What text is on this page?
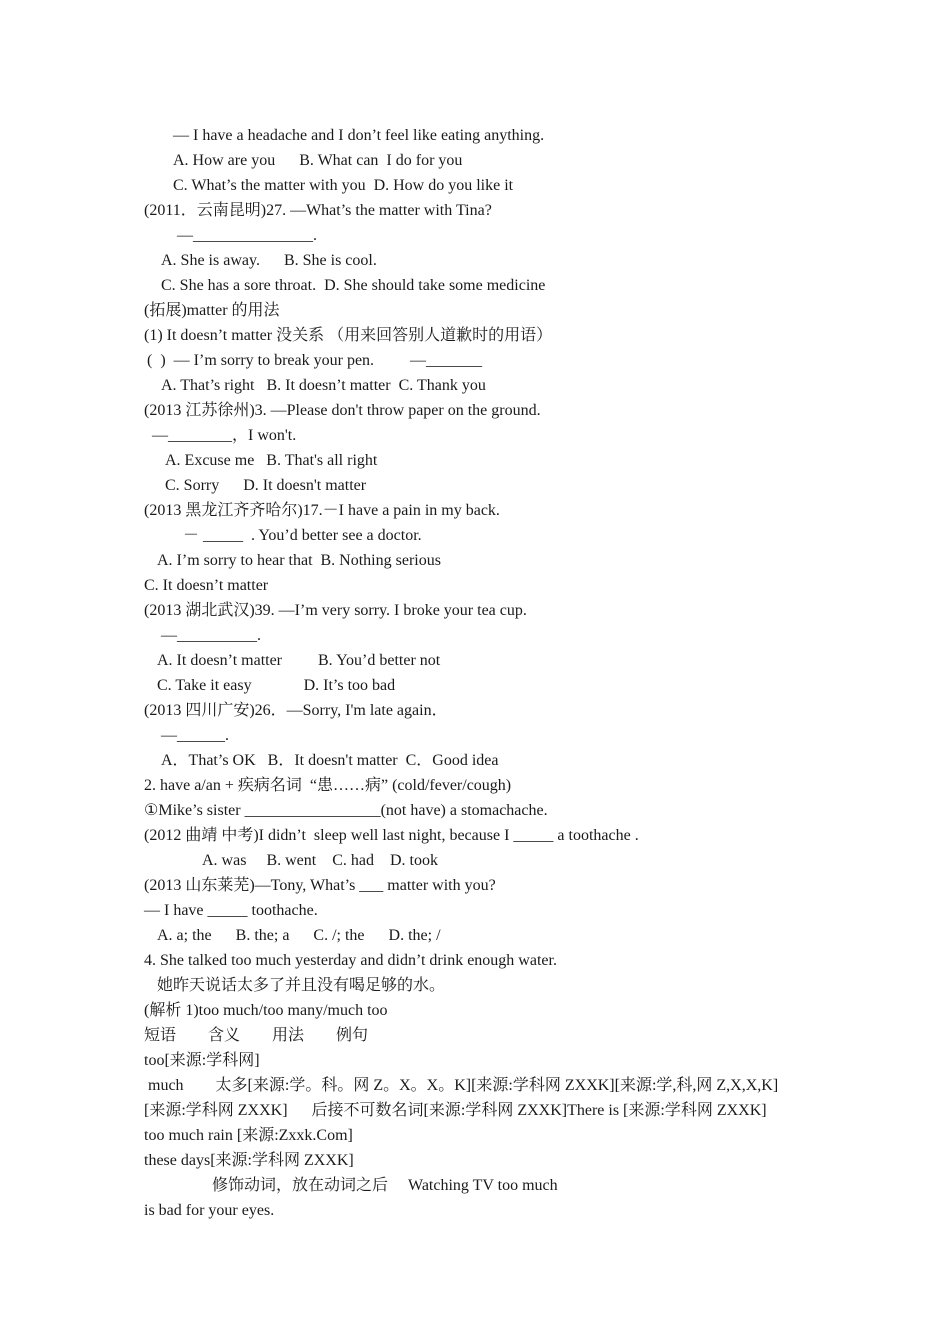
— I have a headache and I don’t feel like eating anything.
A. How are you      B. What can  I do for you
C. What’s the matter with you  D. How do you like it
(2011．云南昆明)27. —What’s the matter with Tina?
—_______________.
A. She is away.      B. She is cool.
C. She has a sore throat.  D. She should take some medicine
(拓展)matter 的用法
(1) It doesn’t matter 没关系 （用来回答别人道歉时的用语）
(  )  — I’m sorry to break your pen.         —_______
A. That’s right   B. It doesn’t matter  C. Thank you
(2013 江苏徐州)3. —Please don't throw paper on the ground.
—________，I won't.
A. Excuse me   B. That's all right
C. Sorry      D. It doesn't matter
(2013 黑龙江齐齐哈尔)17.－I have a pain in my back.
－ _____  . You’d better see a doctor.
A. I’m sorry to hear that  B. Nothing serious
C. It doesn’t matter
(2013 湖北武汉)39. —I’m very sorry. I broke your tea cup.
—__________.
A. It doesn’t matter         B. You’d better not
C. Take it easy             D. It’s too bad
(2013 四川广安)26．—Sorry, I'm late again．
—______.
A．That’s OK   B．It doesn't matter  C．Good idea
2. have a/an + 疾病名词  “患……病” (cold/fever/cough)
①Mike’s sister _________________(not have) a stomachache.
(2012 曲靖 中考)I didn’t  sleep well last night, because I _____ a toothache .
A. was     B. went    C. had    D. took
(2013 山东莱芜)—Tony, What’s ___ matter with you?
— I have _____ toothache.
A. a; the      B. the; a      C. /; the      D. the; /
4. She talked too much yesterday and didn’t drink enough water.
她昨天说话太多了并且没有喝足够的水。
(解析 1)too much/too many/much too
短语        含义        用法        例句
too[来源:学科网]
much        太多[来源:学。科。网 Z。X。X。K][来源:学科网 ZXXK][来源:学,科,网 Z,X,X,K]
[来源:学科网 ZXXK]      后接不可数名词[来源:学科网 ZXXK]There is [来源:学科网 ZXXK]
too much rain [来源:Zxxk.Com]
these days[来源:学科网 ZXXK]
修饰动词，放在动词之后     Watching TV too much
is bad for your eyes.
